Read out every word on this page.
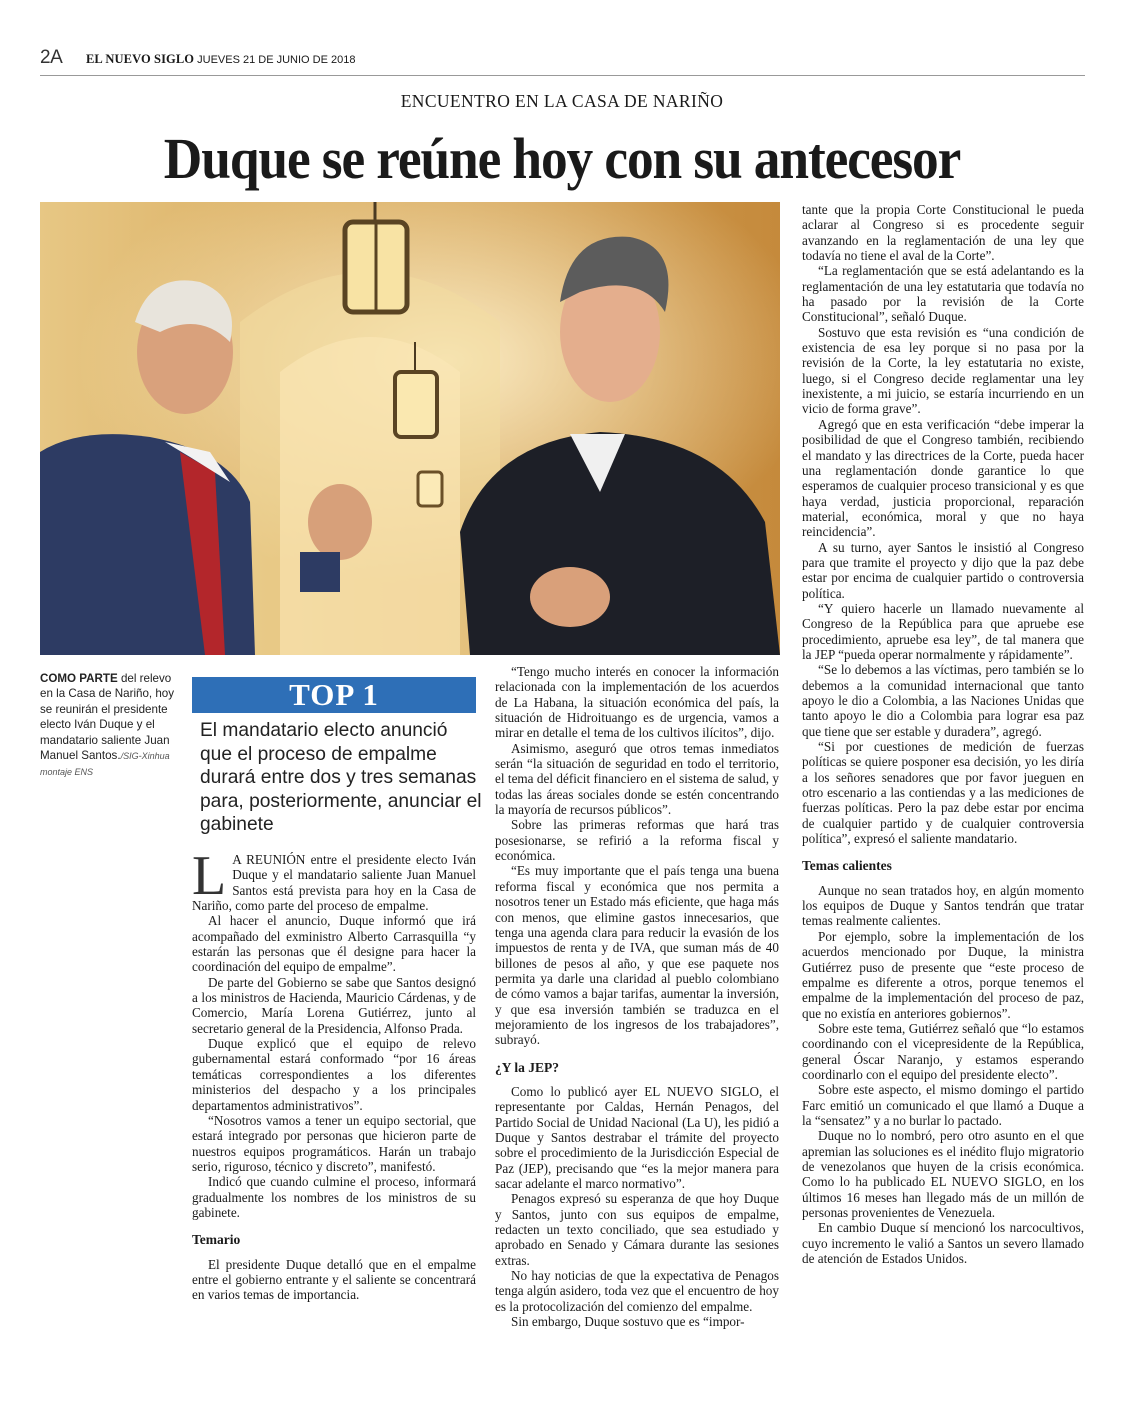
2A EL NUEVO SIGLO JUEVES 21 DE JUNIO DE 2018
ENCUENTRO EN LA CASA DE NARIÑO
Duque se reúne hoy con su antecesor
COMO PARTE del relevo en la Casa de Nariño, hoy se reunirán el presidente electo Iván Duque y el mandatario saliente Juan Manuel Santos./SIG-Xinhua montaje ENS
TOP 1
El mandatario electo anunció que el proceso de empalme durará entre dos y tres semanas para, posteriormente, anunciar el gabinete

L A REUNIÓN entre el presidente electo Iván Duque y el mandatario saliente Juan Manuel Santos está prevista para hoy en la Casa de Nariño, como parte del proceso de empalme.

Al hacer el anuncio, Duque informó que irá acompañado del exministro Alberto Carrasquilla “y estarán las personas que él designe para hacer la coordinación del equipo de empalme”.

De parte del Gobierno se sabe que Santos designó a los ministros de Hacienda, Mauricio Cárdenas, y de Comercio, María Lorena Gutiérrez, junto al secretario general de la Presidencia, Alfonso Prada.

Duque explicó que el equipo de relevo gubernamental estará conformado “por 16 áreas temáticas correspondientes a los diferentes ministerios del despacho y a los principales departamentos administrativos”.

“Nosotros vamos a tener un equipo sectorial, que estará integrado por personas que hicieron parte de nuestros equipos programáticos. Harán un trabajo serio, riguroso, técnico y discreto”, manifestó.

Indicó que cuando culmine el proceso, informará gradualmente los nombres de los ministros de su gabinete.

Temario

El presidente Duque detalló que en el empalme entre el gobierno entrante y el saliente se concentrará en varios temas de importancia.

“Tengo mucho interés en conocer la información relacionada con la implementación de los acuerdos de La Habana, la situación económica del país, la situación de Hidroituango es de urgencia, vamos a mirar en detalle el tema de los cultivos ilícitos”, dijo.

Asimismo, aseguró que otros temas inmediatos serán “la situación de seguridad en todo el territorio, el tema del déficit financiero en el sistema de salud, y todas las áreas sociales donde se estén concentrando la mayoría de recursos públicos”.

Sobre las primeras reformas que hará tras posesionarse, se refirió a la reforma fiscal y económica.

“Es muy importante que el país tenga una buena reforma fiscal y económica que nos permita a nosotros tener un Estado más eficiente, que haga más con menos, que elimine gastos innecesarios, que tenga una agenda clara para reducir la evasión de los impuestos de renta y de IVA, que suman más de 40 billones de pesos al año, y que ese paquete nos permita ya darle una claridad al pueblo colombiano de cómo vamos a bajar tarifas, aumentar la inversión, y que esa inversión también se traduzca en el mejoramiento de los ingresos de los trabajadores”, subrayó.

¿Y la JEP?

Como lo publicó ayer EL NUEVO SIGLO, el representante por Caldas, Hernán Penagos, del Partido Social de Unidad Nacional (La U), les pidió a Duque y Santos destrabar el trámite del proyecto sobre el procedimiento de la Jurisdicción Especial de Paz (JEP), precisando que “es la mejor manera para sacar adelante el marco normativo”.

Penagos expresó su esperanza de que hoy Duque y Santos, junto con sus equipos de empalme, redacten un texto conciliado, que sea estudiado y aprobado en Senado y Cámara durante las sesiones extras.

No hay noticias de que la expectativa de Penagos tenga algún asidero, toda vez que el encuentro de hoy es la protocolización del comienzo del empalme.

Sin embargo, Duque sostuvo que es “impor-

tante que la propia Corte Constitucional le pueda aclarar al Congreso si es procedente seguir avanzando en la reglamentación de una ley que todavía no tiene el aval de la Corte”.

“La reglamentación que se está adelantando es la reglamentación de una ley estatutaria que todavía no ha pasado por la revisión de la Corte Constitucional”, señaló Duque.

Sostuvo que esta revisión es “una condición de existencia de esa ley porque si no pasa por la revisión de la Corte, la ley estatutaria no existe, luego, si el Congreso decide reglamentar una ley inexistente, a mi juicio, se estaría incurriendo en un vicio de forma grave”.

Agregó que en esta verificación “debe imperar la posibilidad de que el Congreso también, recibiendo el mandato y las directrices de la Corte, pueda hacer una reglamentación donde garantice lo que esperamos de cualquier proceso transicional y es que haya verdad, justicia proporcional, reparación material, económica, moral y que no haya reincidencia”.

A su turno, ayer Santos le insistió al Congreso para que tramite el proyecto y dijo que la paz debe estar por encima de cualquier partido o controversia política.

“Y quiero hacerle un llamado nuevamente al Congreso de la República para que apruebe ese procedimiento, apruebe esa ley”, de tal manera que la JEP “pueda operar normalmente y rápidamente”.

“Se lo debemos a las víctimas, pero también se lo debemos a la comunidad internacional que tanto apoyo le dio a Colombia, a las Naciones Unidas que tanto apoyo le dio a Colombia para lograr esa paz que tiene que ser estable y duradera”, agregó.

“Si por cuestiones de medición de fuerzas políticas se quiere posponer esa decisión, yo les diría a los señores senadores que por favor jueguen en otro escenario a las contiendas y a las mediciones de fuerzas políticas. Pero la paz debe estar por encima de cualquier partido y de cualquier controversia política”, expresó el saliente mandatario.

Temas calientes

Aunque no sean tratados hoy, en algún momento los equipos de Duque y Santos tendrán que tratar temas realmente calientes.

Por ejemplo, sobre la implementación de los acuerdos mencionado por Duque, la ministra Gutiérrez puso de presente que “este proceso de empalme es diferente a otros, porque tenemos el empalme de la implementación del proceso de paz, que no existía en anteriores gobiernos”.

Sobre este tema, Gutiérrez señaló que “lo estamos coordinando con el vicepresidente de la República, general Óscar Naranjo, y estamos esperando coordinarlo con el equipo del presidente electo”.

Sobre este aspecto, el mismo domingo el partido Farc emitió un comunicado el que llamó a Duque a la “sensatez” y a no burlar lo pactado.

Duque no lo nombró, pero otro asunto en el que apremian las soluciones es el inédito flujo migratorio de venezolanos que huyen de la crisis económica. Como lo ha publicado EL NUEVO SIGLO, en los últimos 16 meses han llegado más de un millón de personas provenientes de Venezuela.

En cambio Duque sí mencionó los narcocultivos, cuyo incremento le valió a Santos un severo llamado de atención de Estados Unidos.
